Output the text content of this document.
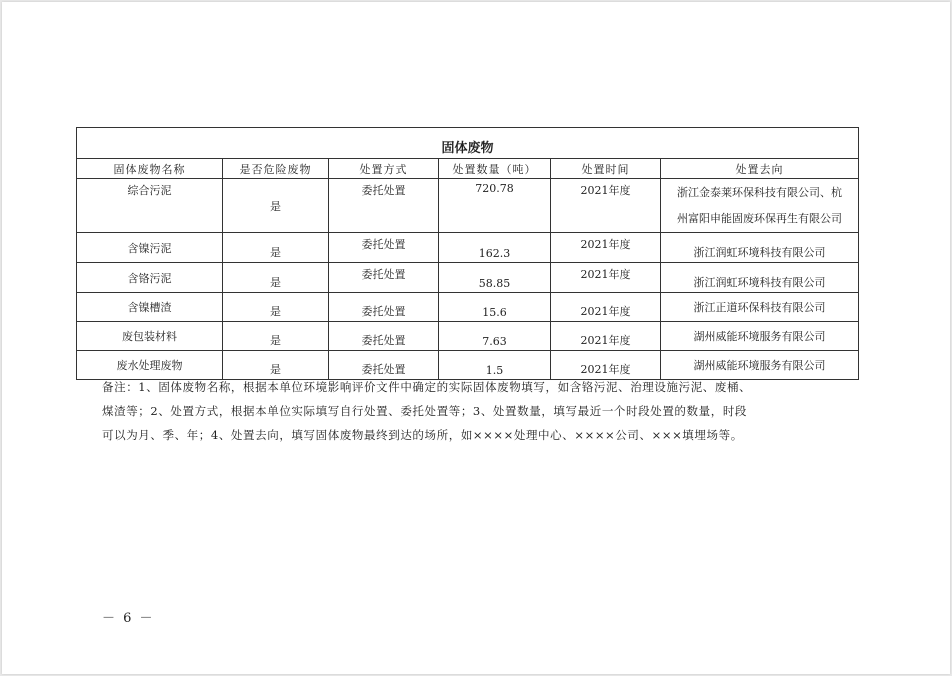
固体废物					
固体废物名称	是否危险废物	处置方式	处置数量（吨）	处置时间	处置去向
综合污泥	是	委托处置	720.78	2021年度	浙江金泰莱环保科技有限公司、杭
州富阳申能固废环保再生有限公司

含镍污泥	是	委托处置	162.3	2021年度	浙江润虹环境科技有限公司
含铬污泥	是	委托处置	58.85	2021年度	浙江润虹环境科技有限公司
含镍槽渣	是	委托处置	15.6	2021年度	浙江正道环保科技有限公司
废包装材料	是	委托处置	7.63	2021年度	湖州威能环境服务有限公司
废水处理废物	是	委托处置	1.5	2021年度	湖州威能环境服务有限公司
备注：1、固体废物名称，根据本单位环境影响评价文件中确定的实际固体废物填写，如含铬污泥、治理设施污泥、废桶、
煤渣等；2、处置方式，根据本单位实际填写自行处置、委托处置等；3、处置数量，填写最近一个时段处置的数量，时段
可以为月、季、年；4、处置去向，填写固体废物最终到达的场所，如××××处理中心、××××公司、×××填埋场等。
－ 6 －
